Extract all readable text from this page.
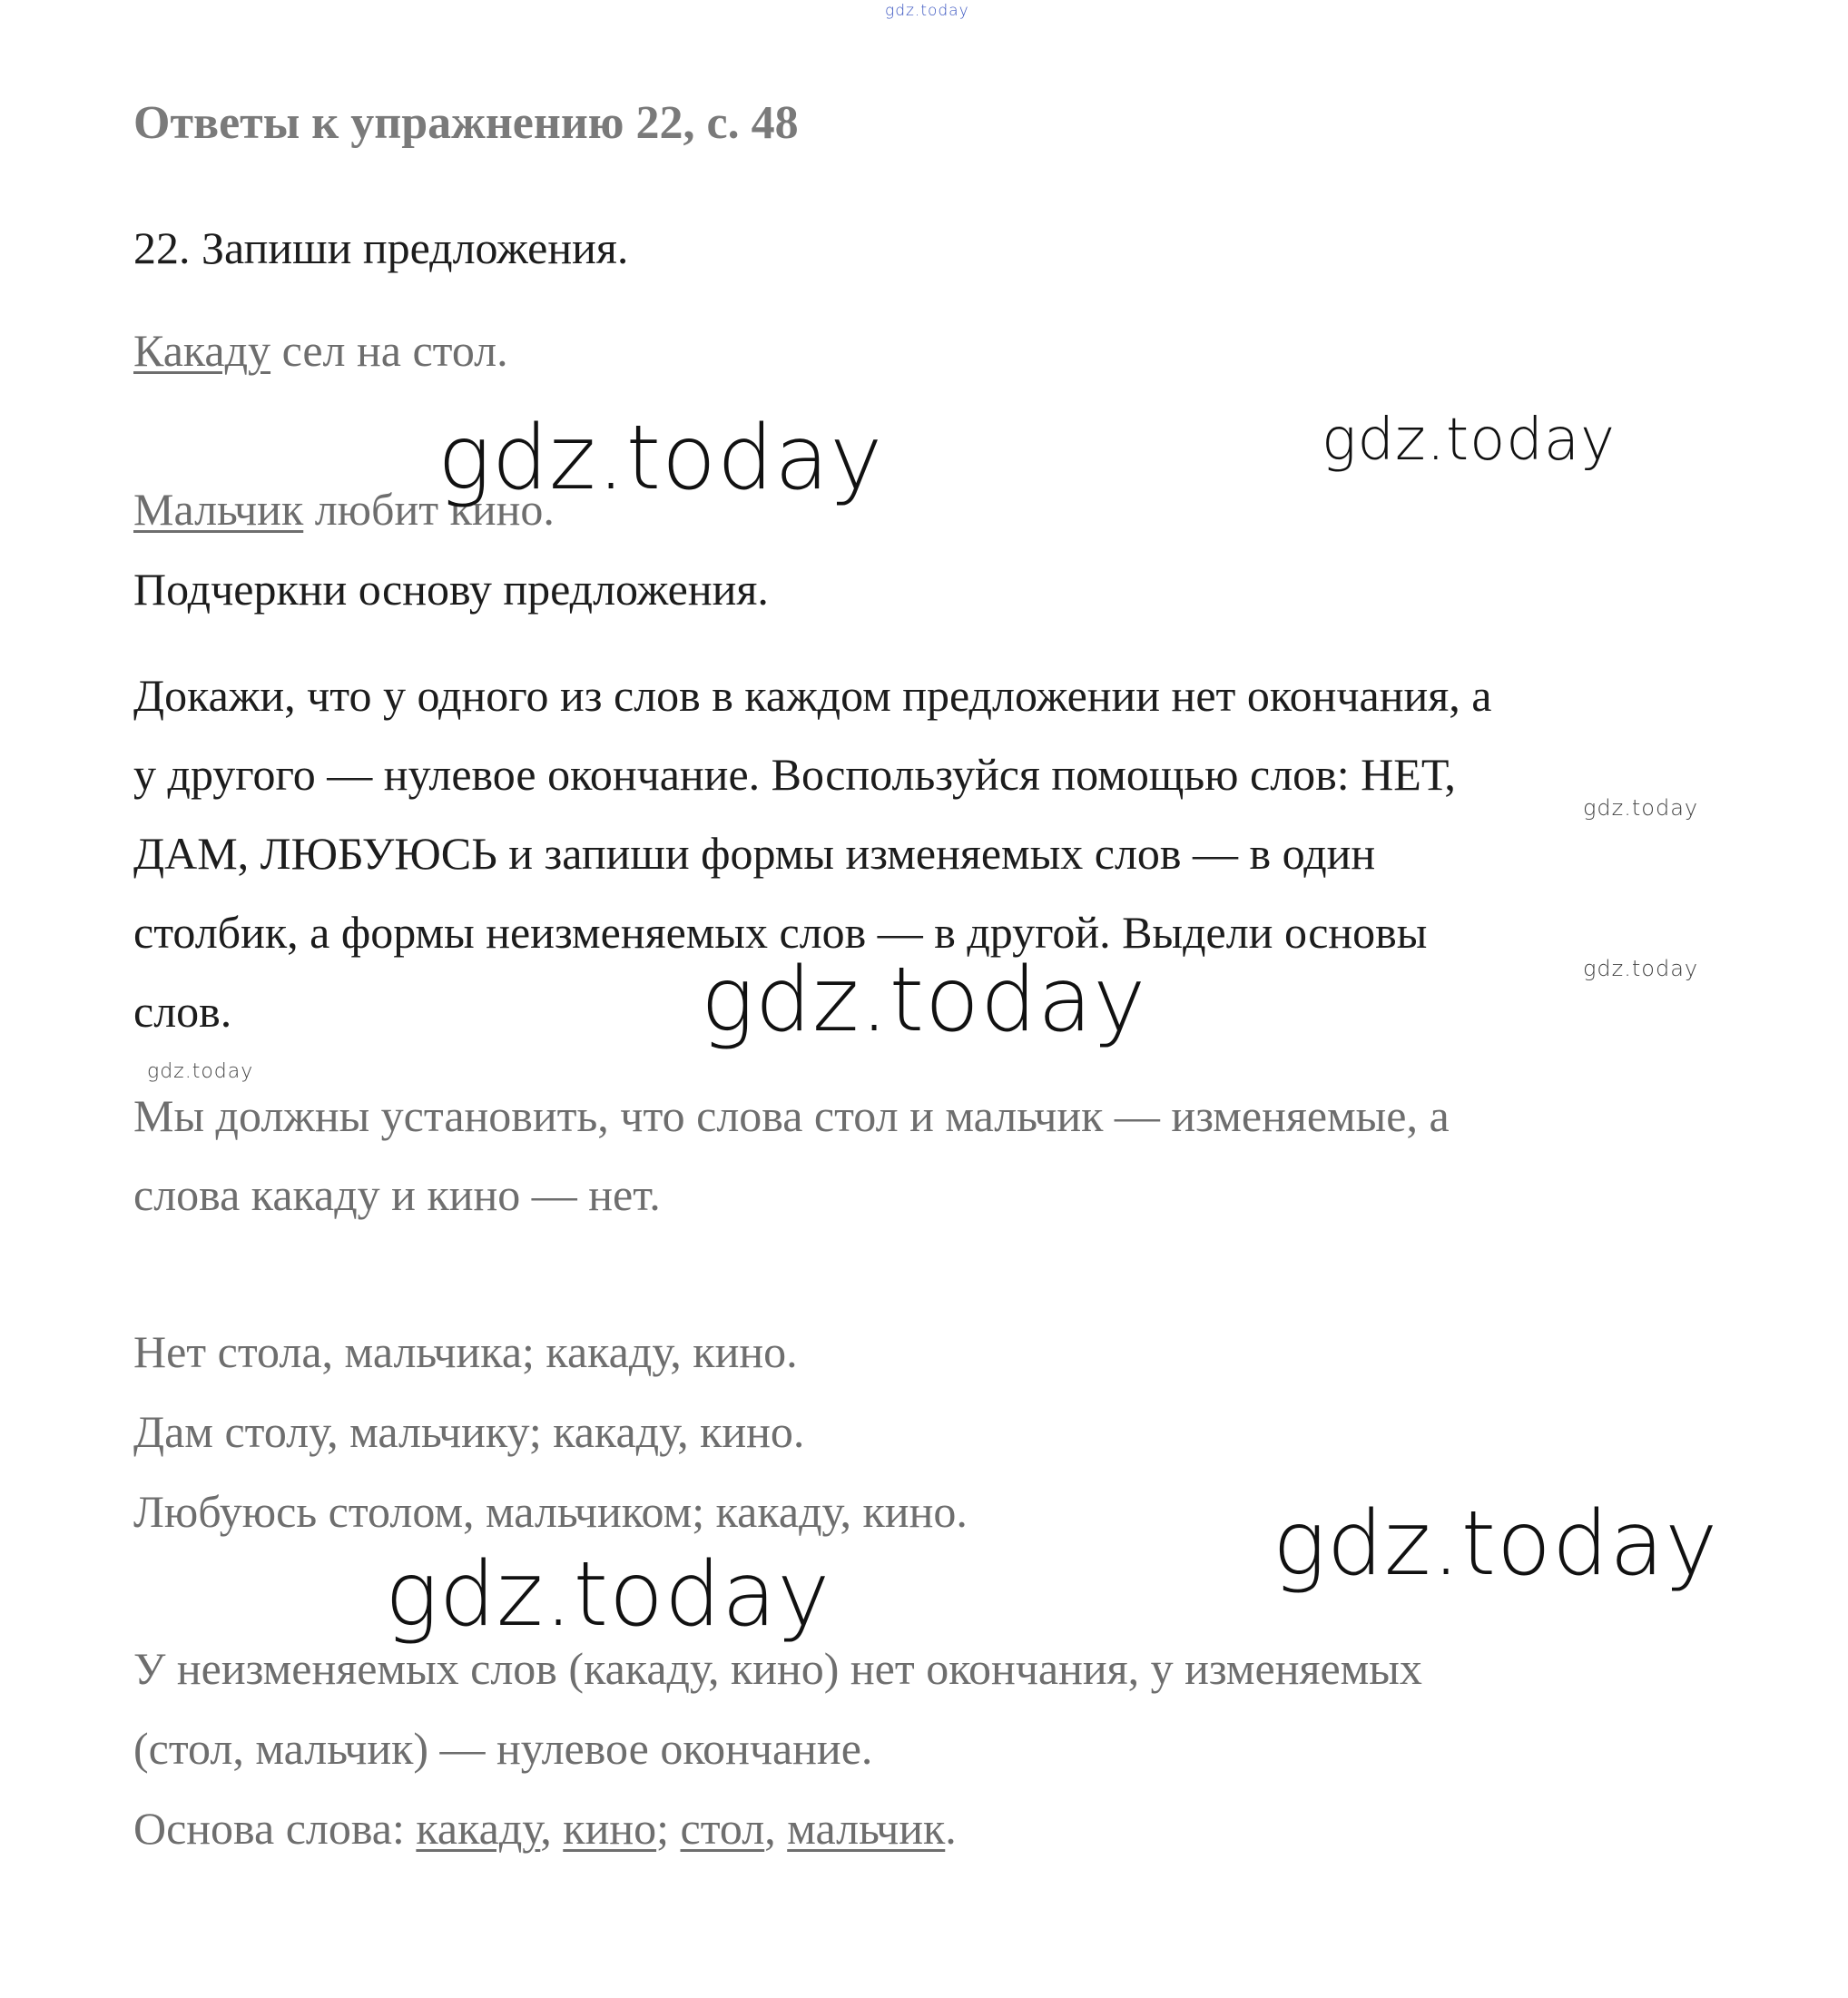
gdz.today
Ответы к упражнению 22, с. 48

22. Запиши предложения.

Какаду сел на стол.

Мальчик любит кино.

Подчеркни основу предложения.

Докажи, что у одного из слов в каждом предложении нет окончания, а

у другого — нулевое окончание. Воспользуйся помощью слов: НЕТ,

ДАМ, ЛЮБУЮСЬ и запиши формы изменяемых слов — в один

столбик, а формы неизменяемых слов — в другой. Выдели основы

слов.

Мы должны установить, что слова стол и мальчик — изменяемые, а

слова какаду и кино — нет.

Нет стола, мальчика; какаду, кино.

Дам столу, мальчику; какаду, кино.

Любуюсь столом, мальчиком; какаду, кино.

У неизменяемых слов (какаду, кино) нет окончания, у изменяемых

(стол, мальчик) — нулевое окончание.

Основа слова: какаду, кино; стол, мальчик.

gdz.today	gdz.today
gdz.today
gdz.today
gdz.today
gdz.today
gdz.today
gdz.today
